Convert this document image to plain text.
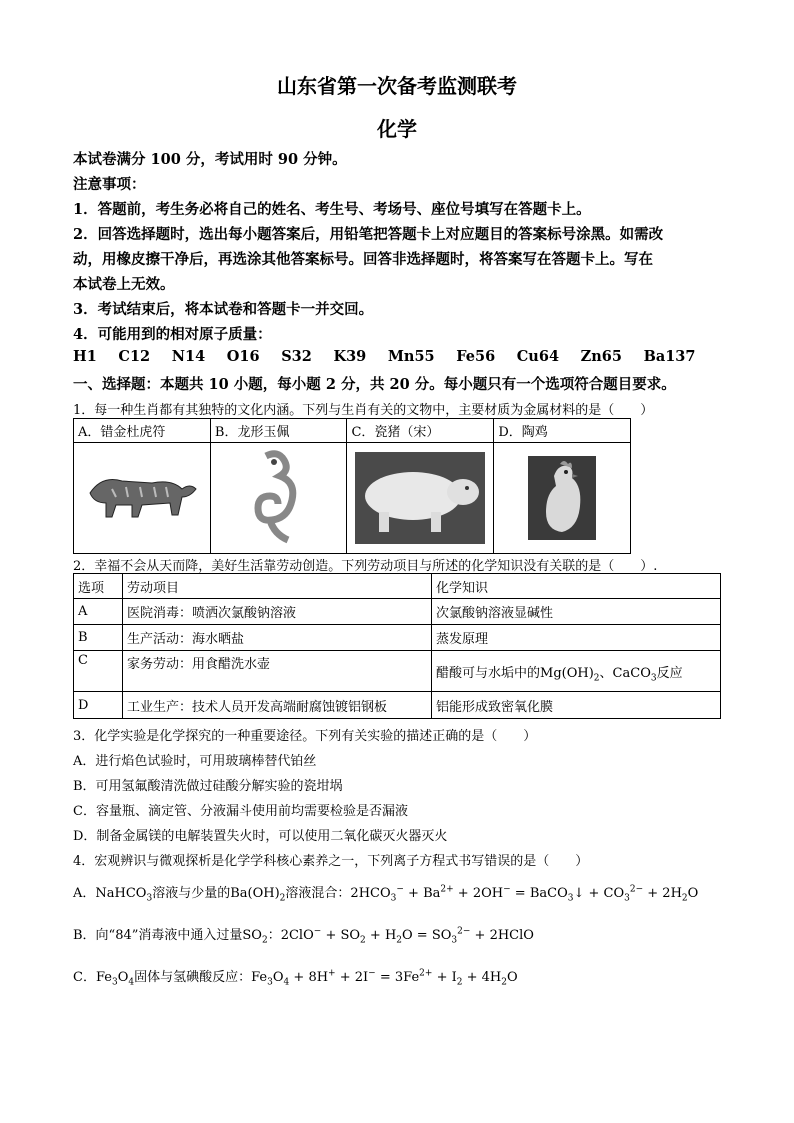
山东省第一次备考监测联考
化学
本试卷满分 100 分，考试用时 90 分钟。
注意事项：
1．答题前，考生务必将自己的姓名、考生号、考场号、座位号填写在答题卡上。
2．回答选择题时，选出每小题答案后，用铅笔把答题卡上对应题目的答案标号涂黑。如需改
动，用橡皮擦干净后，再选涂其他答案标号。回答非选择题时，将答案写在答题卡上。写在
本试卷上无效。
3．考试结束后，将本试卷和答题卡一并交回。
4．可能用到的相对原子质量：
H1 C12 N14 O16 S32 K39 Mn55 Fe56 Cu64 Zn65 Ba137
一、选择题：本题共 10 小题，每小题 2 分，共 20 分。每小题只有一个选项符合题目要求。
1．每一种生肖都有其独特的文化内涵。下列与生肖有关的文物中，主要材质为金属材料的是（　　）
A．错金杜虎符	B．龙形玉佩	C．瓷猪（宋）	D．陶鸡

2．幸福不会从天而降，美好生活靠劳动创造。下列劳动项目与所述的化学知识没有关联的是（　　）.
选项	劳动项目	化学知识
A	医院消毒：喷洒次氯酸钠溶液	次氯酸钠溶液显碱性
B	生产活动：海水晒盐	蒸发原理
C	家务劳动：用食醋洗水壶	醋酸可与水垢中的$Mg(OH)_2$、CaCO$_3$反应
D	工业生产：技术人员开发高端耐腐蚀镀铝钢板	铝能形成致密氧化膜
3．化学实验是化学探究的一种重要途径。下列有关实验的描述正确的是（　　）
A．进行焰色试验时，可用玻璃棒替代铂丝
B．可用氢氟酸清洗做过硅酸分解实验的瓷坩埚
C．容量瓶、滴定管、分液漏斗使用前均需要检验是否漏液
D．制备金属镁的电解装置失火时，可以使用二氧化碳灭火器灭火
4．宏观辨识与微观探析是化学学科核心素养之一，下列离子方程式书写错误的是（　　）
A．NaHCO$_3$溶液与少量的$Ba(OH)_2$溶液混合：$2HCO_3^- + Ba^{2+} + 2OH^-$ = BaCO$_3$↓ + $CO_3^{2-} + 2H_2O$
B．向“84”消毒液中通入过量$SO_2$：$2ClO^- + SO_2 + H_2O = SO_3^{2-}$ + 2HClO
C．$Fe_3O_4$固体与氢碘酸反应：$Fe_3O_4 + 8H^+ + 2I^- = 3Fe^{2+} + I_2 + 4H_2O$
